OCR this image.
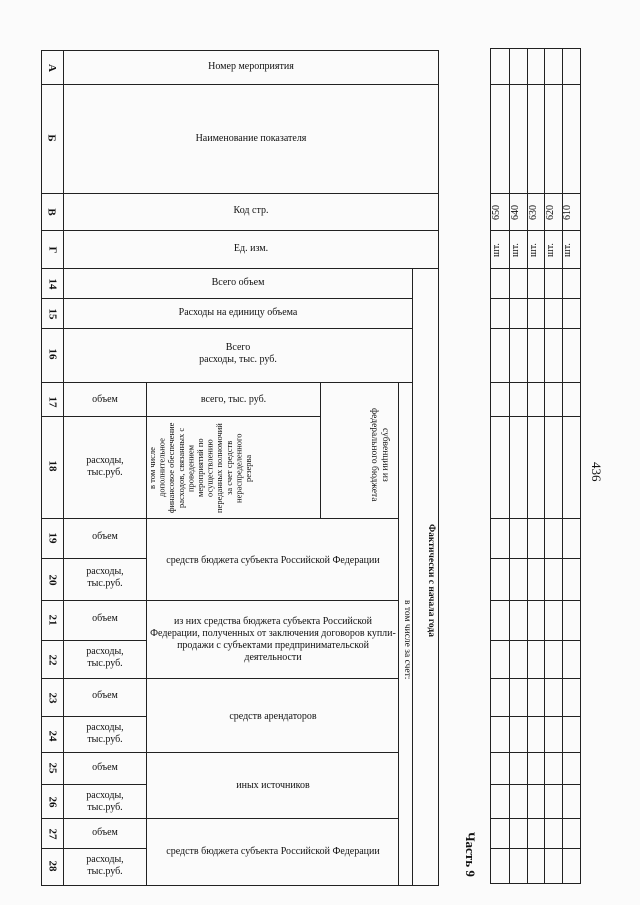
А
Б
В
Г
14
15
16
17
18
19
20
21
22
23
24
25
26
27
28
Номер мероприятия
Наименование показателя
Код стр.
Ед. изм.
Всего объем
Расходы на единицу объема
Всего
расходы, тыс. руб.
объем
расходы,
тыс.руб.
объем
расходы,
тыс.руб.
объем
расходы,
тыс.руб.
объем
расходы,
тыс.руб.
объем
расходы,
тыс.руб.
объем
расходы,
тыс.руб.
всего, тыс. руб.
в том числе дополнительное финансовое обеспечение расходов, связанных с проведением мероприятий по осуществлению переданных полномочий за счет средств нераспределенного резерва	субвенции из федерального бюджета
средств бюджета субъекта Российской Федерации
из них средства бюджета субъекта Российской Федерации, полученных от заключения договоров купли-продажи с субъектами предпринимательской деятельности
средств арендаторов
иных источников
средств бюджета субъекта Российской Федерации
в том числе за счет:
Фактически с начала года
610
620
630
640
650
шт.
шт.
шт.
шт.
шт.
436
Часть 9
